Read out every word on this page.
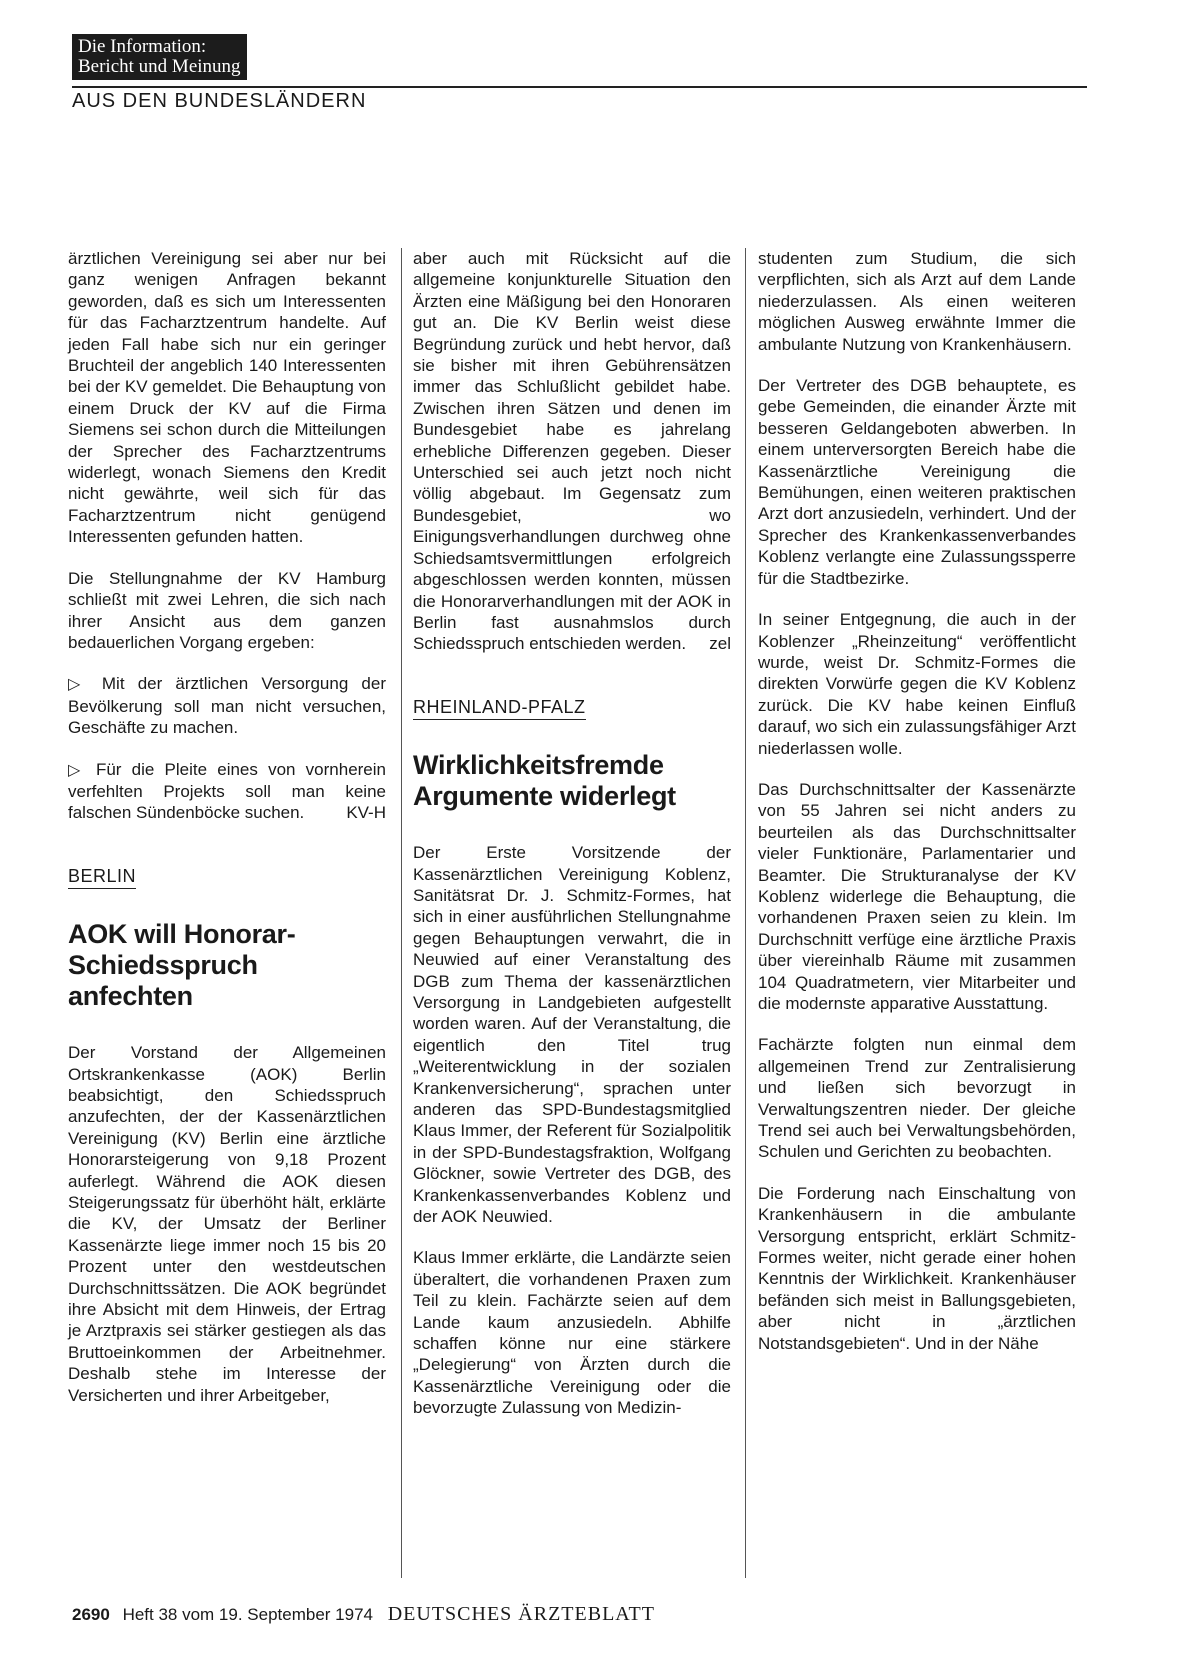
Die Information:
Bericht und Meinung
AUS DEN BUNDESLÄNDERN

ärztlichen Vereinigung sei aber nur bei ganz wenigen Anfragen bekannt geworden, daß es sich um Interessenten für das Facharztzentrum handelte. Auf jeden Fall habe sich nur ein geringer Bruchteil der angeblich 140 Interessenten bei der KV gemeldet. Die Behauptung von einem Druck der KV auf die Firma Siemens sei schon durch die Mitteilungen der Sprecher des Facharztzentrums widerlegt, wonach Siemens den Kredit nicht gewährte, weil sich für das Facharztzentrum nicht genügend Interessenten gefunden hatten.

Die Stellungnahme der KV Hamburg schließt mit zwei Lehren, die sich nach ihrer Ansicht aus dem ganzen bedauerlichen Vorgang ergeben:

▷ Mit der ärztlichen Versorgung der Bevölkerung soll man nicht versuchen, Geschäfte zu machen.

▷ Für die Pleite eines von vornherein verfehlten Projekts soll man keine falschen Sündenböcke suchen. KV-H

BERLIN
AOK will Honorar-Schiedsspruch anfechten

Der Vorstand der Allgemeinen Ortskrankenkasse (AOK) Berlin beabsichtigt, den Schiedsspruch anzufechten, der der Kassenärztlichen Vereinigung (KV) Berlin eine ärztliche Honorarsteigerung von 9,18 Prozent auferlegt. Während die AOK diesen Steigerungssatz für überhöht hält, erklärte die KV, der Umsatz der Berliner Kassenärzte liege immer noch 15 bis 20 Prozent unter den westdeutschen Durchschnittssätzen. Die AOK begründet ihre Absicht mit dem Hinweis, der Ertrag je Arztpraxis sei stärker gestiegen als das Bruttoeinkommen der Arbeitnehmer. Deshalb stehe im Interesse der Versicherten und ihrer Arbeitgeber,

aber auch mit Rücksicht auf die allgemeine konjunkturelle Situation den Ärzten eine Mäßigung bei den Honoraren gut an. Die KV Berlin weist diese Begründung zurück und hebt hervor, daß sie bisher mit ihren Gebührensätzen immer das Schlußlicht gebildet habe. Zwischen ihren Sätzen und denen im Bundesgebiet habe es jahrelang erhebliche Differenzen gegeben. Dieser Unterschied sei auch jetzt noch nicht völlig abgebaut. Im Gegensatz zum Bundesgebiet, wo Einigungsverhandlungen durchweg ohne Schiedsamtsvermittlungen erfolgreich abgeschlossen werden konnten, müssen die Honorarverhandlungen mit der AOK in Berlin fast ausnahmslos durch Schiedsspruch entschieden werden. zel

RHEINLAND-PFALZ
Wirklichkeitsfremde Argumente widerlegt

Der Erste Vorsitzende der Kassenärztlichen Vereinigung Koblenz, Sanitätsrat Dr. J. Schmitz-Formes, hat sich in einer ausführlichen Stellungnahme gegen Behauptungen verwahrt, die in Neuwied auf einer Veranstaltung des DGB zum Thema der kassenärztlichen Versorgung in Landgebieten aufgestellt worden waren. Auf der Veranstaltung, die eigentlich den Titel trug „Weiterentwicklung in der sozialen Krankenversicherung“, sprachen unter anderen das SPD-Bundestagsmitglied Klaus Immer, der Referent für Sozialpolitik in der SPD-Bundestagsfraktion, Wolfgang Glöckner, sowie Vertreter des DGB, des Krankenkassenverbandes Koblenz und der AOK Neuwied.

Klaus Immer erklärte, die Landärzte seien überaltert, die vorhandenen Praxen zum Teil zu klein. Fachärzte seien auf dem Lande kaum anzusiedeln. Abhilfe schaffen könne nur eine stärkere „Delegierung“ von Ärzten durch die Kassenärztliche Vereinigung oder die bevorzugte Zulassung von Medizin-

studenten zum Studium, die sich verpflichten, sich als Arzt auf dem Lande niederzulassen. Als einen weiteren möglichen Ausweg erwähnte Immer die ambulante Nutzung von Krankenhäusern.

Der Vertreter des DGB behauptete, es gebe Gemeinden, die einander Ärzte mit besseren Geldangeboten abwerben. In einem unterversorgten Bereich habe die Kassenärztliche Vereinigung die Bemühungen, einen weiteren praktischen Arzt dort anzusiedeln, verhindert. Und der Sprecher des Krankenkassenverbandes Koblenz verlangte eine Zulassungssperre für die Stadtbezirke.

In seiner Entgegnung, die auch in der Koblenzer „Rheinzeitung“ veröffentlicht wurde, weist Dr. Schmitz-Formes die direkten Vorwürfe gegen die KV Koblenz zurück. Die KV habe keinen Einfluß darauf, wo sich ein zulassungsfähiger Arzt niederlassen wolle.

Das Durchschnittsalter der Kassenärzte von 55 Jahren sei nicht anders zu beurteilen als das Durchschnittsalter vieler Funktionäre, Parlamentarier und Beamter. Die Strukturanalyse der KV Koblenz widerlege die Behauptung, die vorhandenen Praxen seien zu klein. Im Durchschnitt verfüge eine ärztliche Praxis über viereinhalb Räume mit zusammen 104 Quadratmetern, vier Mitarbeiter und die modernste apparative Ausstattung.

Fachärzte folgten nun einmal dem allgemeinen Trend zur Zentralisierung und ließen sich bevorzugt in Verwaltungszentren nieder. Der gleiche Trend sei auch bei Verwaltungsbehörden, Schulen und Gerichten zu beobachten.

Die Forderung nach Einschaltung von Krankenhäusern in die ambulante Versorgung entspricht, erklärt Schmitz-Formes weiter, nicht gerade einer hohen Kenntnis der Wirklichkeit. Krankenhäuser befänden sich meist in Ballungsgebieten, aber nicht in „ärztlichen Notstandsgebieten“. Und in der Nähe

2690 Heft 38 vom 19. September 1974 DEUTSCHES ÄRZTEBLATT
